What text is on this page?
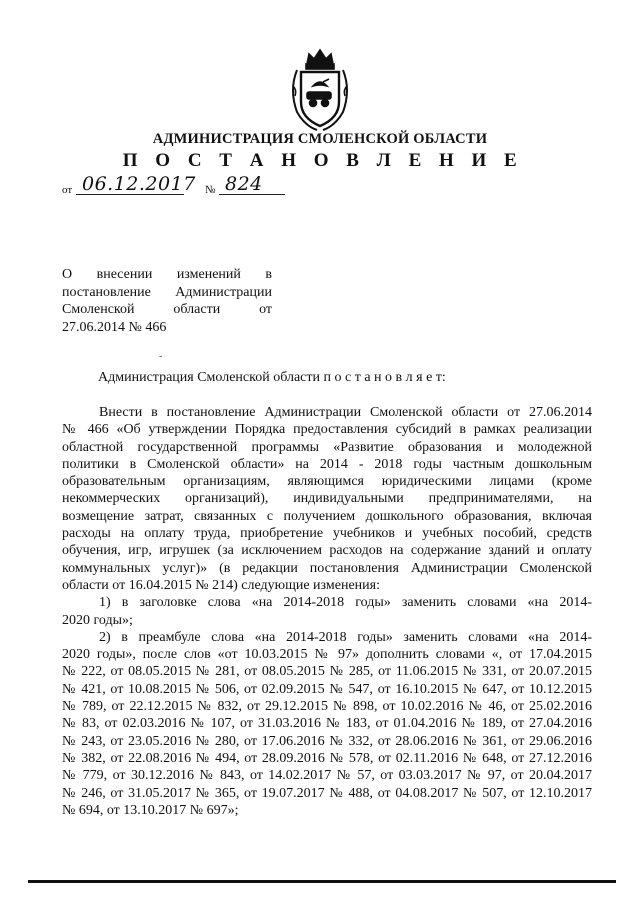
АДМИНИСТРАЦИЯ СМОЛЕНСКОЙ ОБЛАСТИ
П О С Т А Н О В Л Е Н И Е
от 06.12.2017 № 824
О внесении изменений в
постановление Администрации
Смоленской области от
27.06.2014 № 466
-
Администрация Смоленской области п о с т а н о в л я е т:
Внести в постановление Администрации Смоленской области от 27.06.2014
№ 466 «Об утверждении Порядка предоставления субсидий в рамках реализации
областной государственной программы «Развитие образования и молодежной
политики в Смоленской области» на 2014 - 2018 годы частным дошкольным
образовательным организациям, являющимся юридическими лицами (кроме
некоммерческих организаций), индивидуальными предпринимателями, на
возмещение затрат, связанных с получением дошкольного образования, включая
расходы на оплату труда, приобретение учебников и учебных пособий, средств
обучения, игр, игрушек (за исключением расходов на содержание зданий и оплату
коммунальных услуг)» (в редакции постановления Администрации Смоленской
области от 16.04.2015 № 214) следующие изменения:
1) в заголовке слова «на 2014-2018 годы» заменить словами «на 2014-
2020 годы»;
2) в преамбуле слова «на 2014-2018 годы» заменить словами «на 2014-
2020 годы», после слов «от 10.03.2015 № 97» дополнить словами «, от 17.04.2015
№ 222, от 08.05.2015 № 281, от 08.05.2015 № 285, от 11.06.2015 № 331, от 20.07.2015
№ 421, от 10.08.2015 № 506, от 02.09.2015 № 547, от 16.10.2015 № 647, от 10.12.2015
№ 789, от 22.12.2015 № 832, от 29.12.2015 № 898, от 10.02.2016 № 46, от 25.02.2016
№ 83, от 02.03.2016 № 107, от 31.03.2016 № 183, от 01.04.2016 № 189, от 27.04.2016
№ 243, от 23.05.2016 № 280, от 17.06.2016 № 332, от 28.06.2016 № 361, от 29.06.2016
№ 382, от 22.08.2016 № 494, от 28.09.2016 № 578, от 02.11.2016 № 648, от 27.12.2016
№ 779, от 30.12.2016 № 843, от 14.02.2017 № 57, от 03.03.2017 № 97, от 20.04.2017
№ 246, от 31.05.2017 № 365, от 19.07.2017 № 488, от 04.08.2017 № 507, от 12.10.2017
№ 694, от 13.10.2017 № 697»;
